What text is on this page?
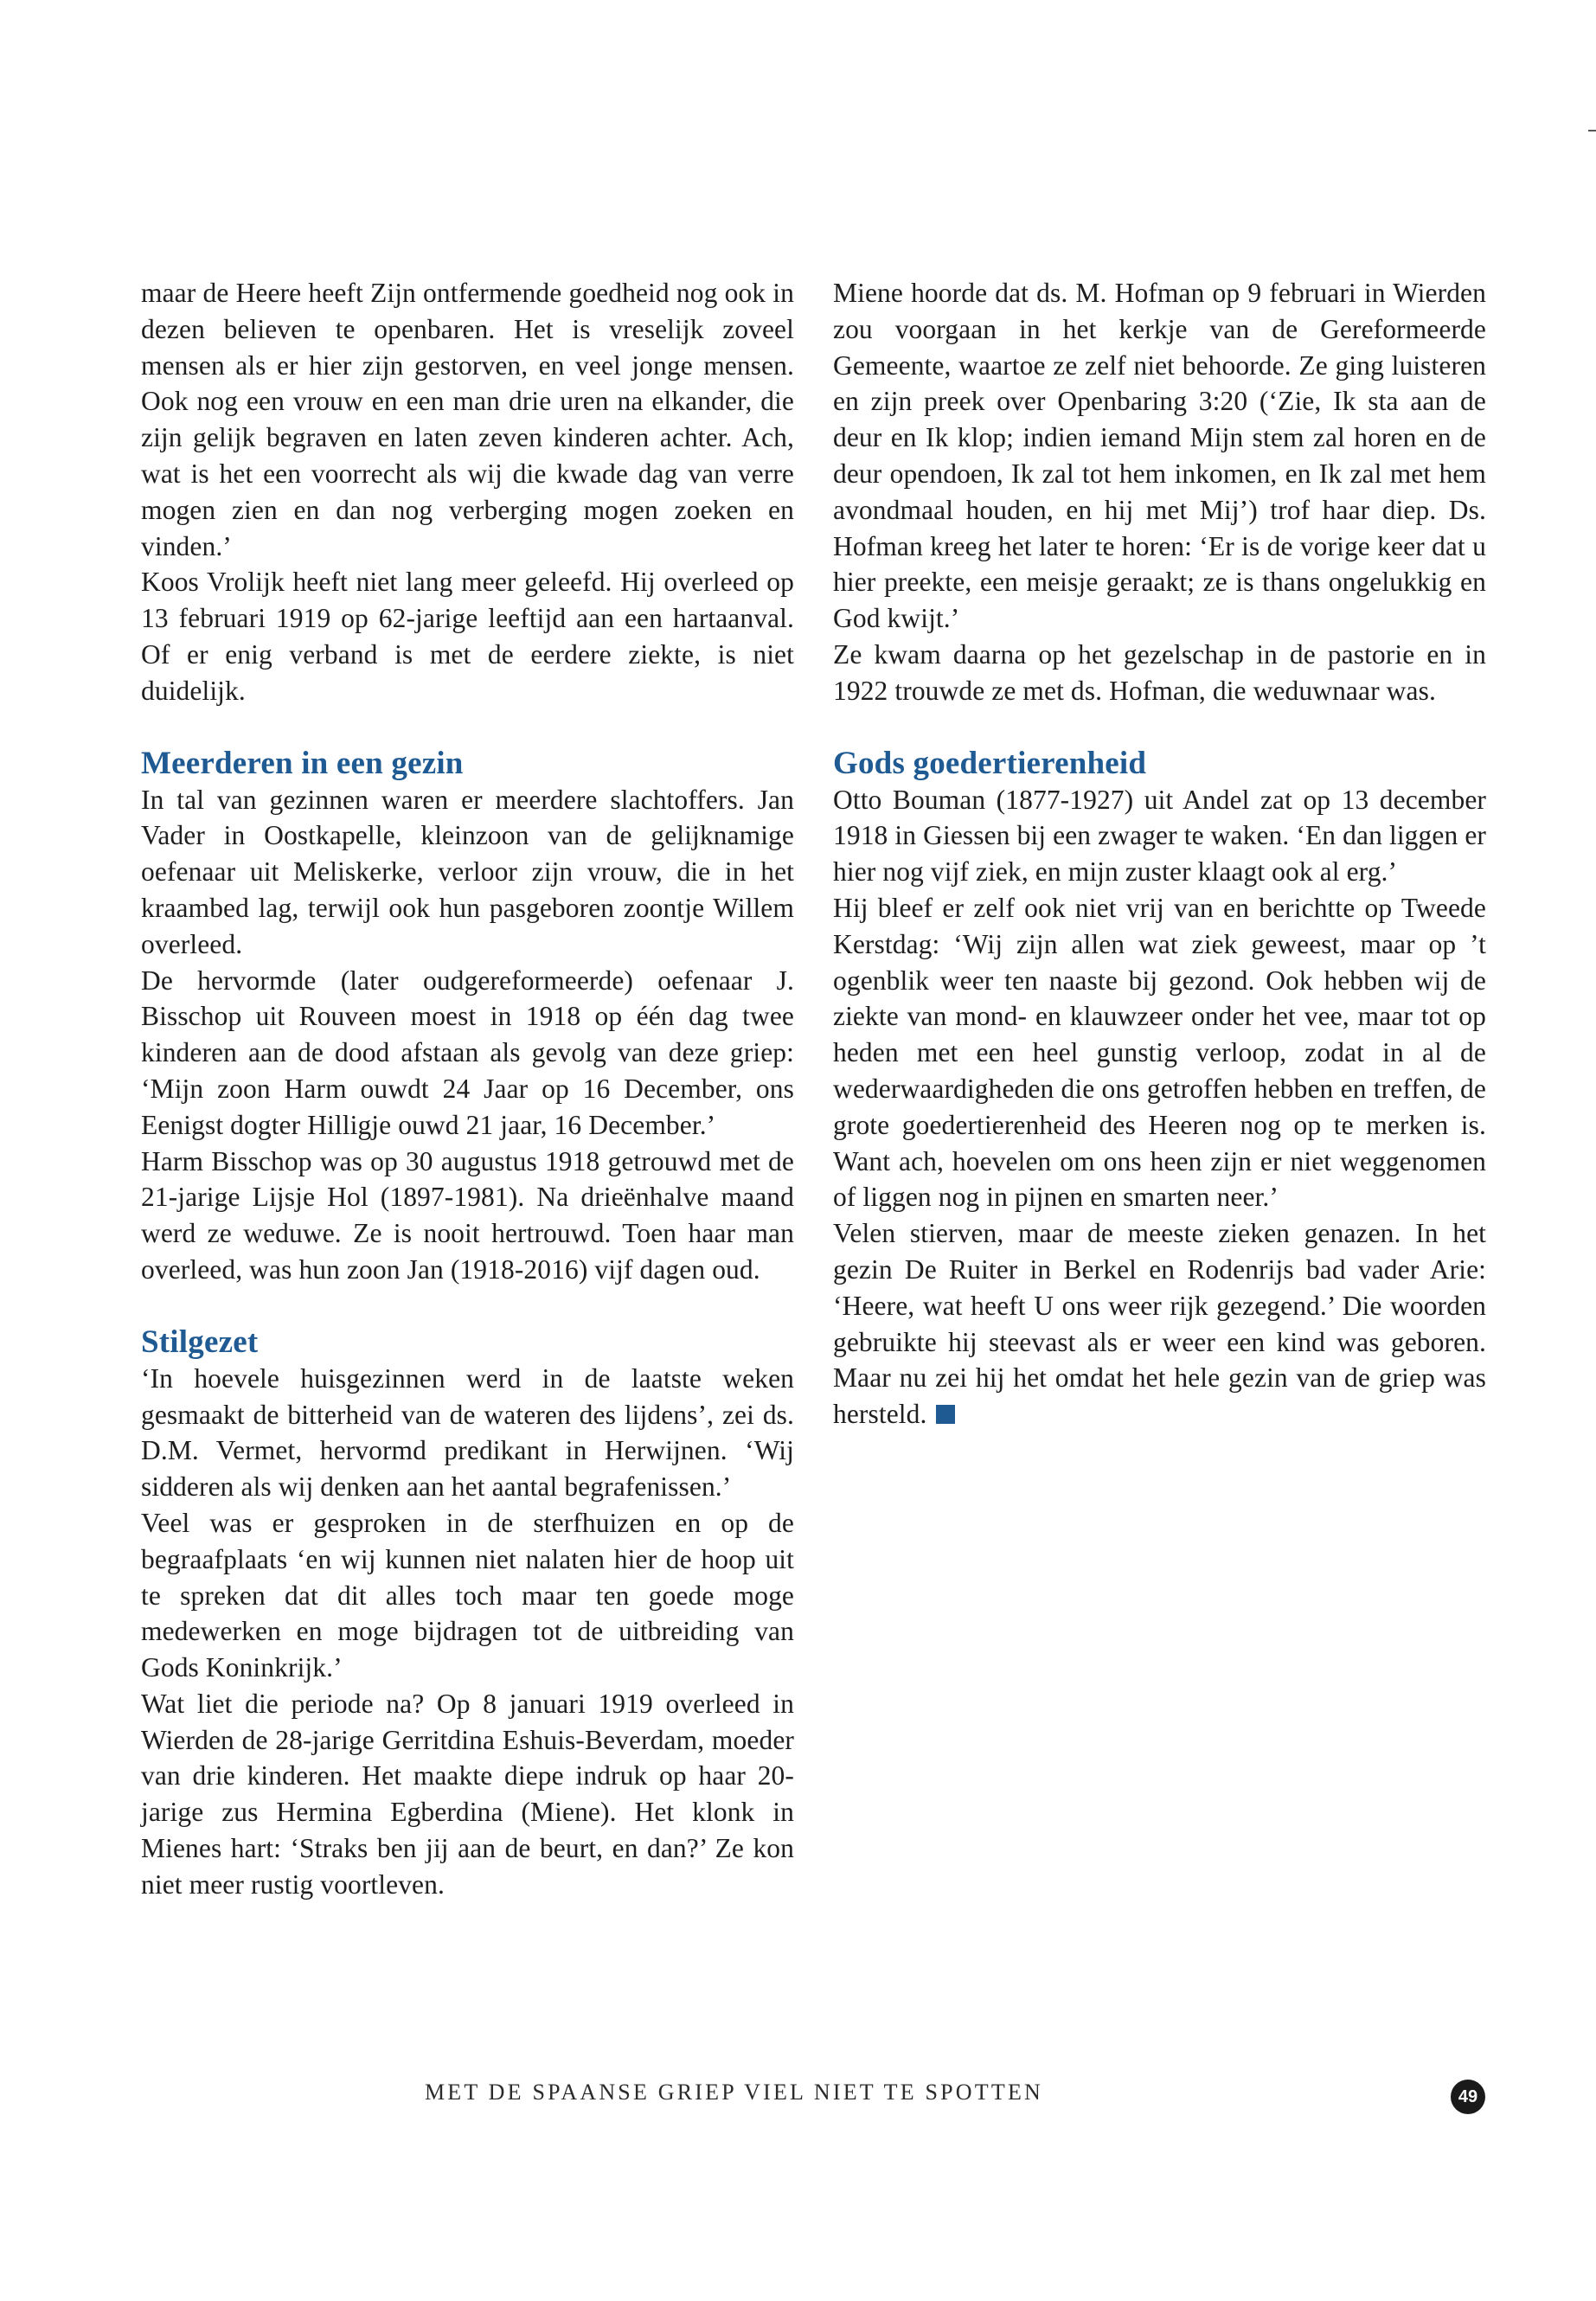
maar de Heere heeft Zijn ontfermende goedheid nog ook in dezen believen te openbaren. Het is vreselijk zoveel mensen als er hier zijn gestorven, en veel jonge mensen. Ook nog een vrouw en een man drie uren na elkander, die zijn gelijk begraven en laten zeven kinderen achter. Ach, wat is het een voorrecht als wij die kwade dag van verre mogen zien en dan nog verberging mogen zoeken en vinden.’

Koos Vrolijk heeft niet lang meer geleefd. Hij overleed op 13 februari 1919 op 62-jarige leeftijd aan een hartaanval. Of er enig verband is met de eerdere ziekte, is niet duidelijk.

Meerderen in een gezin

In tal van gezinnen waren er meerdere slachtoffers. Jan Vader in Oostkapelle, kleinzoon van de gelijknamige oefenaar uit Meliskerke, verloor zijn vrouw, die in het kraambed lag, terwijl ook hun pasgeboren zoontje Willem overleed.

De hervormde (later oudgereformeerde) oefenaar J. Bisschop uit Rouveen moest in 1918 op één dag twee kinderen aan de dood afstaan als gevolg van deze griep: ‘Mijn zoon Harm ouwdt 24 Jaar op 16 December, ons Eenigst dogter Hilligje ouwd 21 jaar, 16 December.’

Harm Bisschop was op 30 augustus 1918 getrouwd met de 21-jarige Lijsje Hol (1897-1981). Na drieënhalve maand werd ze weduwe. Ze is nooit hertrouwd. Toen haar man overleed, was hun zoon Jan (1918-2016) vijf dagen oud.

Stilgezet

‘In hoevele huisgezinnen werd in de laatste weken gesmaakt de bitterheid van de wateren des lijdens’, zei ds. D.M. Vermet, hervormd predikant in Herwijnen. ‘Wij sidderen als wij denken aan het aantal begrafenissen.’

Veel was er gesproken in de sterfhuizen en op de begraafplaats ‘en wij kunnen niet nalaten hier de hoop uit te spreken dat dit alles toch maar ten goede moge medewerken en moge bijdragen tot de uitbreiding van Gods Koninkrijk.’

Wat liet die periode na? Op 8 januari 1919 overleed in Wierden de 28-jarige Gerritdina Eshuis-Beverdam, moeder van drie kinderen. Het maakte diepe indruk op haar 20-jarige zus Hermina Egberdina (Miene). Het klonk in Mienes hart: ‘Straks ben jij aan de beurt, en dan?’ Ze kon niet meer rustig voortleven.

Miene hoorde dat ds. M. Hofman op 9 februari in Wierden zou voorgaan in het kerkje van de Gereformeerde Gemeente, waartoe ze zelf niet behoorde. Ze ging luisteren en zijn preek over Openbaring 3:20 (‘Zie, Ik sta aan de deur en Ik klop; indien iemand Mijn stem zal horen en de deur opendoen, Ik zal tot hem inkomen, en Ik zal met hem avondmaal houden, en hij met Mij’) trof haar diep. Ds. Hofman kreeg het later te horen: ‘Er is de vorige keer dat u hier preekte, een meisje geraakt; ze is thans ongelukkig en God kwijt.’

Ze kwam daarna op het gezelschap in de pastorie en in 1922 trouwde ze met ds. Hofman, die weduwnaar was.

Gods goedertierenheid

Otto Bouman (1877-1927) uit Andel zat op 13 december 1918 in Giessen bij een zwager te waken. ‘En dan liggen er hier nog vijf ziek, en mijn zuster klaagt ook al erg.’

Hij bleef er zelf ook niet vrij van en berichtte op Tweede Kerstdag: ‘Wij zijn allen wat ziek geweest, maar op ’t ogenblik weer ten naaste bij gezond. Ook hebben wij de ziekte van mond- en klauwzeer onder het vee, maar tot op heden met een heel gunstig verloop, zodat in al de wederwaardigheden die ons getroffen hebben en treffen, de grote goedertierenheid des Heeren nog op te merken is. Want ach, hoevelen om ons heen zijn er niet weggenomen of liggen nog in pijnen en smarten neer.’

Velen stierven, maar de meeste zieken genazen. In het gezin De Ruiter in Berkel en Rodenrijs bad vader Arie: ‘Heere, wat heeft U ons weer rijk gezegend.’ Die woorden gebruikte hij steevast als er weer een kind was geboren. Maar nu zei hij het omdat het hele gezin van de griep was hersteld.

MET DE SPAANSE GRIEP VIEL NIET TE SPOTTEN	49
